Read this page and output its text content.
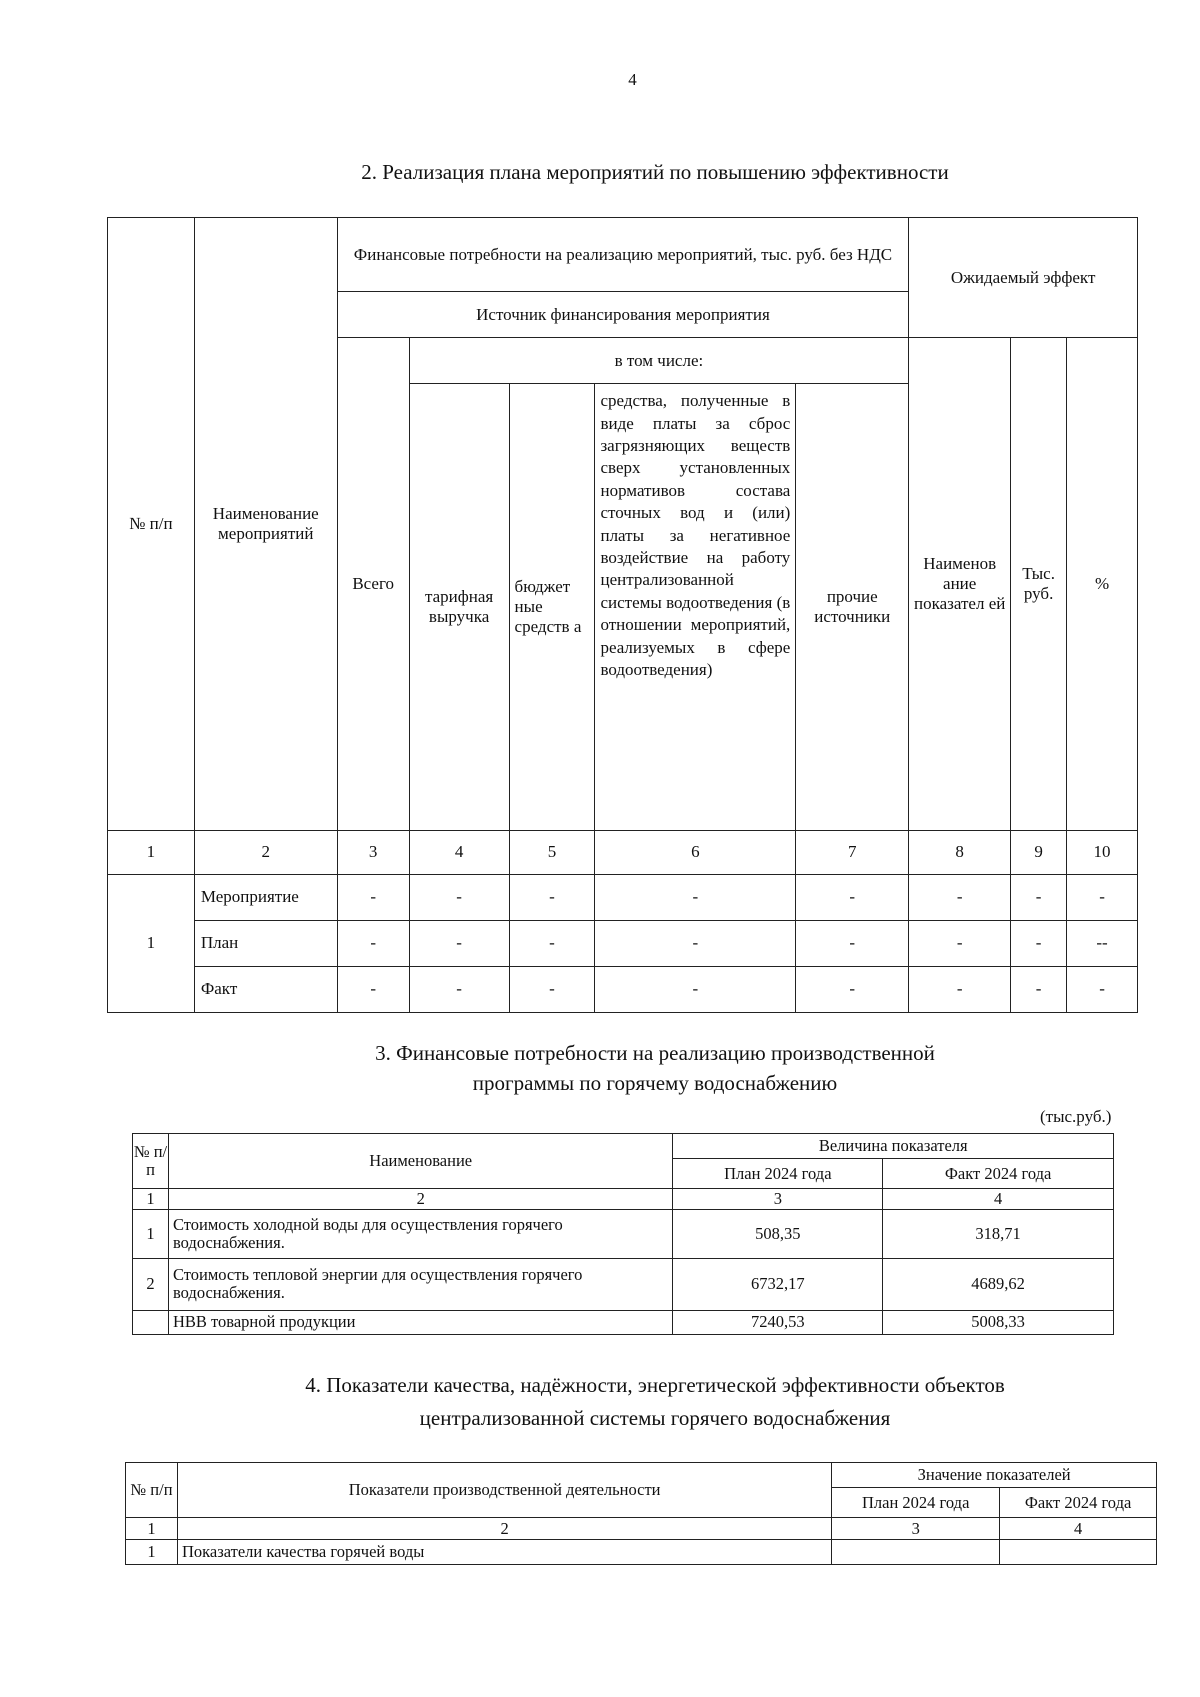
4
2. Реализация плана мероприятий по повышению эффективности
№ п/п	Наименование мероприятий	Финансовые потребности на реализацию мероприятий, тыс. руб. без НДС					Ожидаемый эффект		
		Источник финансирования мероприятия							
		Всего	в том числе:				Наименов ание показател ей	Тыс. руб.	%
			тарифная выручка	бюджет ные средств а	средства, полученные в виде платы за сброс загрязняющих веществ сверх установленных нормативов состава сточных вод и (или) платы за негативное воздействие на работу централизованной системы водоотведения (в отношении мероприятий, реализуемых в сфере водоотведения)	прочие источники			
1	2	3	4	5	6	7	8	9	10
1	Мероприятие	-	-	-	-	-	-	-	-
	План	-	-	-	-	-	-	-	--
	Факт	-	-	-	-	-	-	-	-
3. Финансовые потребности на реализацию производственной
программы по горячему водоснабжению
(тыс.руб.)
№ п/п	Наименование	Величина показателя	
		План 2024 года	Факт 2024 года
1	2	3	4
1	Стоимость холодной воды для осуществления горячего водоснабжения.	508,35	318,71
2	Стоимость тепловой энергии для осуществления горячего водоснабжения.	6732,17	4689,62
	НВВ товарной продукции	7240,53	5008,33
4. Показатели качества, надёжности, энергетической эффективности объектов
централизованной системы горячего водоснабжения
№ п/п	Показатели производственной деятельности	Значение показателей	
		План 2024 года	Факт 2024 года
1	2	3	4
1	Показатели качества горячей воды		
